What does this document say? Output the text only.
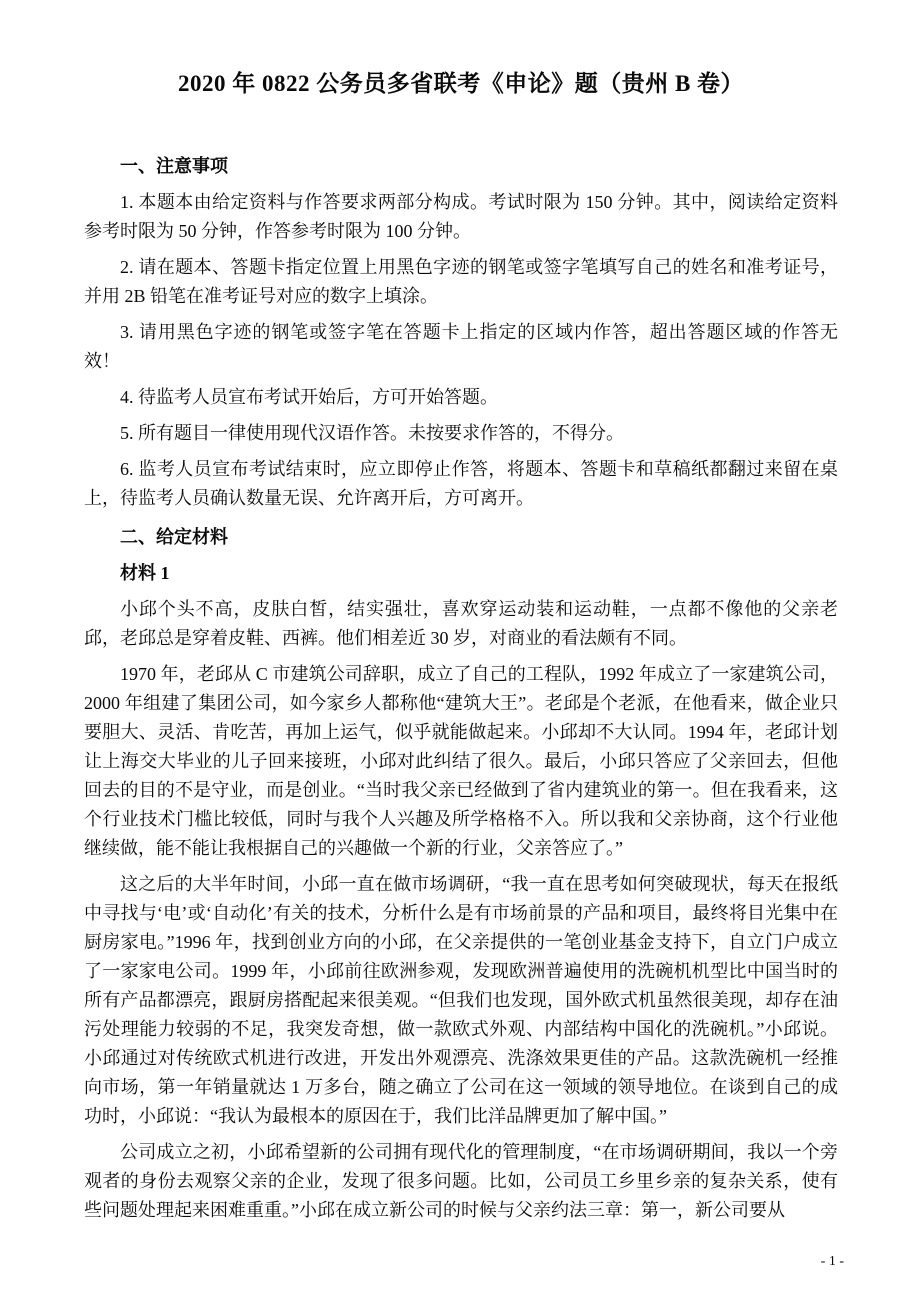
2020 年 0822 公务员多省联考《申论》题（贵州 B 卷）
一、注意事项

1. 本题本由给定资料与作答要求两部分构成。考试时限为 150 分钟。其中，阅读给定资料参考时限为 50 分钟，作答参考时限为 100 分钟。

2. 请在题本、答题卡指定位置上用黑色字迹的钢笔或签字笔填写自己的姓名和准考证号，并用 2B 铅笔在准考证号对应的数字上填涂。

3. 请用黑色字迹的钢笔或签字笔在答题卡上指定的区域内作答，超出答题区域的作答无效！

4. 待监考人员宣布考试开始后，方可开始答题。

5. 所有题目一律使用现代汉语作答。未按要求作答的，不得分。

6. 监考人员宣布考试结束时，应立即停止作答，将题本、答题卡和草稿纸都翻过来留在桌上，待监考人员确认数量无误、允许离开后，方可离开。

二、给定材料
材料 1

小邱个头不高，皮肤白皙，结实强壮，喜欢穿运动装和运动鞋，一点都不像他的父亲老邱，老邱总是穿着皮鞋、西裤。他们相差近 30 岁，对商业的看法颇有不同。

1970 年，老邱从 C 市建筑公司辞职，成立了自己的工程队，1992 年成立了一家建筑公司，2000 年组建了集团公司，如今家乡人都称他“建筑大王”。老邱是个老派，在他看来，做企业只要胆大、灵活、肯吃苦，再加上运气，似乎就能做起来。小邱却不大认同。1994 年，老邱计划让上海交大毕业的儿子回来接班，小邱对此纠结了很久。最后，小邱只答应了父亲回去，但他回去的目的不是守业，而是创业。“当时我父亲已经做到了省内建筑业的第一。但在我看来，这个行业技术门槛比较低，同时与我个人兴趣及所学格格不入。所以我和父亲协商，这个行业他继续做，能不能让我根据自己的兴趣做一个新的行业，父亲答应了。”

这之后的大半年时间，小邱一直在做市场调研，“我一直在思考如何突破现状，每天在报纸中寻找与‘电’或‘自动化’有关的技术，分析什么是有市场前景的产品和项目，最终将目光集中在厨房家电。”1996 年，找到创业方向的小邱，在父亲提供的一笔创业基金支持下，自立门户成立了一家家电公司。1999 年，小邱前往欧洲参观，发现欧洲普遍使用的洗碗机机型比中国当时的所有产品都漂亮，跟厨房搭配起来很美观。“但我们也发现，国外欧式机虽然很美现，却存在油污处理能力较弱的不足，我突发奇想，做一款欧式外观、内部结构中国化的洗碗机。”小邱说。小邱通过对传统欧式机进行改进，开发出外观漂亮、洗涤效果更佳的产品。这款洗碗机一经推向市场，第一年销量就达 1 万多台，随之确立了公司在这一领域的领导地位。在谈到自己的成功时，小邱说：“我认为最根本的原因在于，我们比洋品牌更加了解中国。”

公司成立之初，小邱希望新的公司拥有现代化的管理制度，“在市场调研期间，我以一个旁观者的身份去观察父亲的企业，发现了很多问题。比如，公司员工乡里乡亲的复杂关系，使有些问题处理起来困难重重。”小邱在成立新公司的时候与父亲约法三章：第一，新公司要从

- 1 -
